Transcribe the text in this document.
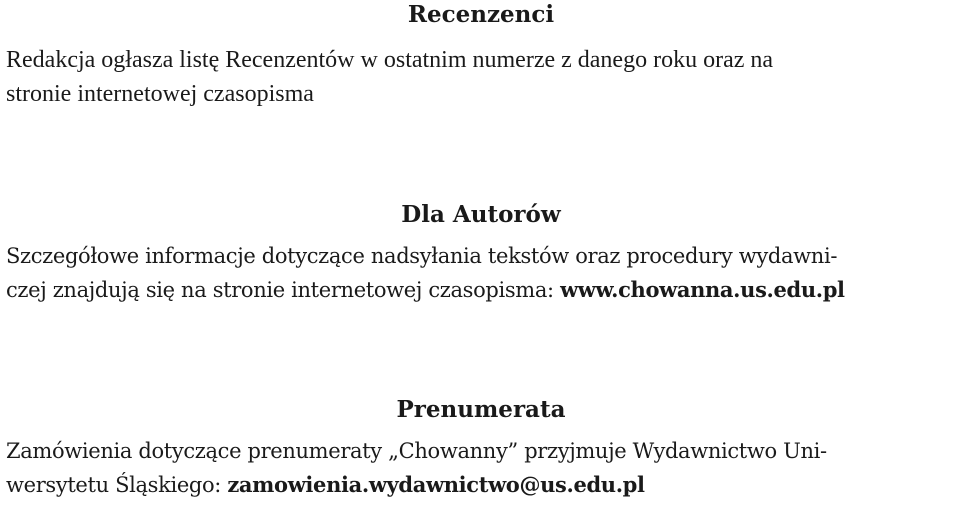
Recenzenci

Redakcja ogłasza listę Recenzentów w ostatnim numerze z danego roku oraz na
stronie internetowej czasopisma

Dla Autorów

Szczegółowe informacje dotyczące nadsyłania tekstów oraz procedury wydawni-
czej znajdują się na stronie internetowej czasopisma: www.chowanna.us.edu.pl

Prenumerata

Zamówienia dotyczące prenumeraty „Chowanny” przyjmuje Wydawnictwo Uni-
wersytetu Śląskiego: zamowienia.wydawnictwo@us.edu.pl
